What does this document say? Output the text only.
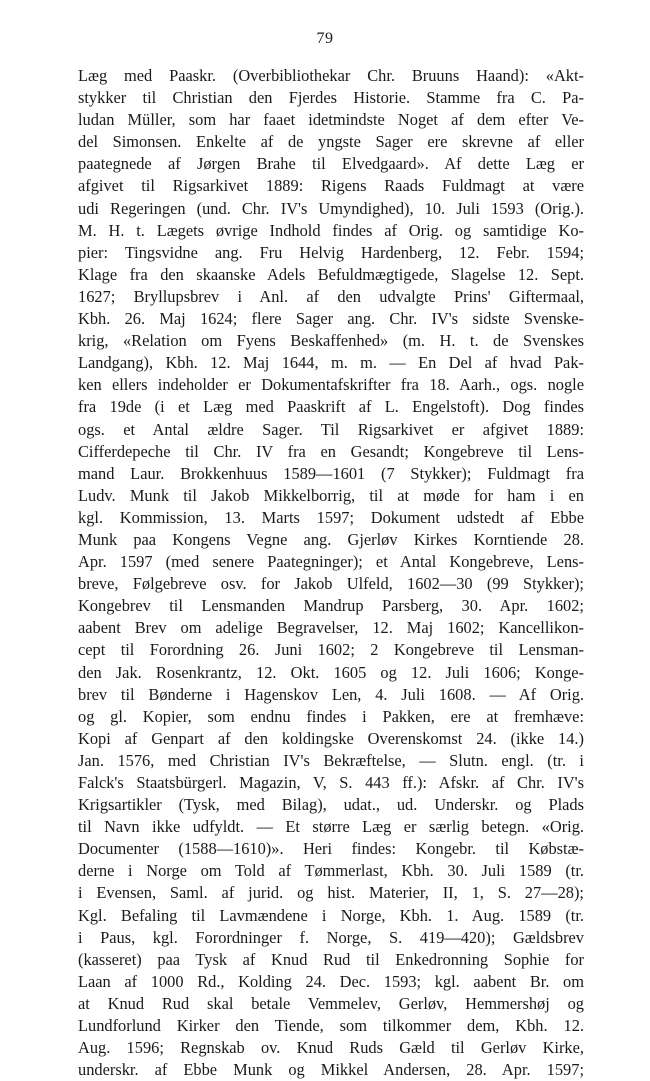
79
Læg med Paaskr. (Overbibliothekar Chr. Bruuns Haand): «Akt-
stykker til Christian den Fjerdes Historie. Stamme fra C. Pa-
ludan Müller, som har faaet idetmindste Noget af dem efter Ve-
del Simonsen. Enkelte af de yngste Sager ere skrevne af eller
paategnede af Jørgen Brahe til Elvedgaard». Af dette Læg er
afgivet til Rigsarkivet 1889: Rigens Raads Fuldmagt at være
udi Regeringen (und. Chr. IV's Umyndighed), 10. Juli 1593 (Orig.).
M. H. t. Lægets øvrige Indhold findes af Orig. og samtidige Ko-
pier: Tingsvidne ang. Fru Helvig Hardenberg, 12. Febr. 1594;
Klage fra den skaanske Adels Befuldmægtigede, Slagelse 12. Sept.
1627; Bryllupsbrev i Anl. af den udvalgte Prins' Giftermaal,
Kbh. 26. Maj 1624; flere Sager ang. Chr. IV's sidste Svenske-
krig, «Relation om Fyens Beskaffenhed» (m. H. t. de Svenskes
Landgang), Kbh. 12. Maj 1644, m. m. — En Del af hvad Pak-
ken ellers indeholder er Dokumentafskrifter fra 18. Aarh., ogs. nogle
fra 19de (i et Læg med Paaskrift af L. Engelstoft). Dog findes
ogs. et Antal ældre Sager. Til Rigsarkivet er afgivet 1889:
Cifferdepeche til Chr. IV fra en Gesandt; Kongebreve til Lens-
mand Laur. Brokkenhuus 1589—1601 (7 Stykker); Fuldmagt fra
Ludv. Munk til Jakob Mikkelborrig, til at møde for ham i en
kgl. Kommission, 13. Marts 1597; Dokument udstedt af Ebbe
Munk paa Kongens Vegne ang. Gjerløv Kirkes Korntiende 28.
Apr. 1597 (med senere Paategninger); et Antal Kongebreve, Lens-
breve, Følgebreve osv. for Jakob Ulfeld, 1602—30 (99 Stykker);
Kongebrev til Lensmanden Mandrup Parsberg, 30. Apr. 1602;
aabent Brev om adelige Begravelser, 12. Maj 1602; Kancellikon-
cept til Forordning 26. Juni 1602; 2 Kongebreve til Lensman-
den Jak. Rosenkrantz, 12. Okt. 1605 og 12. Juli 1606; Konge-
brev til Bønderne i Hagenskov Len, 4. Juli 1608. — Af Orig.
og gl. Kopier, som endnu findes i Pakken, ere at fremhæve:
Kopi af Genpart af den koldingske Overenskomst 24. (ikke 14.)
Jan. 1576, med Christian IV's Bekræftelse, — Slutn. engl. (tr. i
Falck's Staatsbürgerl. Magazin, V, S. 443 ff.): Afskr. af Chr. IV's
Krigsartikler (Tysk, med Bilag), udat., ud. Underskr. og Plads
til Navn ikke udfyldt. — Et større Læg er særlig betegn. «Orig.
Documenter (1588—1610)». Heri findes: Kongebr. til Købstæ-
derne i Norge om Told af Tømmerlast, Kbh. 30. Juli 1589 (tr.
i Evensen, Saml. af jurid. og hist. Materier, II, 1, S. 27—28);
Kgl. Befaling til Lavmændene i Norge, Kbh. 1. Aug. 1589 (tr.
i Paus, kgl. Forordninger f. Norge, S. 419—420); Gældsbrev
(kasseret) paa Tysk af Knud Rud til Enkedronning Sophie for
Laan af 1000 Rd., Kolding 24. Dec. 1593; kgl. aabent Br. om
at Knud Rud skal betale Vemmelev, Gerløv, Hemmershøj og
Lundforlund Kirker den Tiende, som tilkommer dem, Kbh. 12.
Aug. 1596; Regnskab ov. Knud Ruds Gæld til Gerløv Kirke,
underskr. af Ebbe Munk og Mikkel Andersen, 28. Apr. 1597;
